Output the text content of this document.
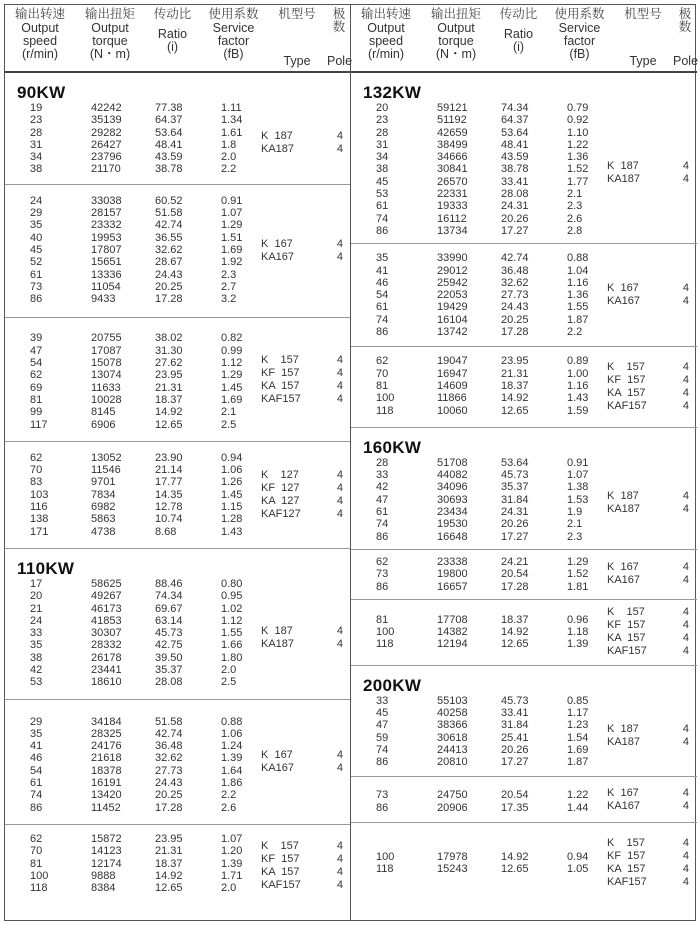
输出转速
Output
speed
(r/min)
输出扭矩
Output
torque
(N・m)
传动比
Ratio
(i)
使用系数
Service
factor
(fB)
机型号
Type
极数
Pole
90KW
19	42242	77.38	1.11
23	35139	64.37	1.34
28	29282	53.64	1.61
31	26427	48.41	1.8
34	23796	43.59	2.0
38	21170	38.78	2.2
K  187	4
KA187	4
24	33038	60.52	0.91
29	28157	51.58	1.07
35	23332	42.74	1.29
40	19953	36.55	1.51
45	17807	32.62	1.69
52	15651	28.67	1.92
61	13336	24.43	2.3
73	11054	20.25	2.7
86	9433	17.28	3.2
K  167	4
KA167	4
39	20755	38.02	0.82
47	17087	31.30	0.99
54	15078	27.62	1.12
62	13074	23.95	1.29
69	11633	21.31	1.45
81	10028	18.37	1.69
99	8145	14.92	2.1
117	6906	12.65	2.5
K    157	4
KF  157	4
KA  157	4
KAF157	4
62	13052	23.90	0.94
70	11546	21.14	1.06
83	9701	17.77	1.26
103	7834	14.35	1.45
116	6982	12.78	1.15
138	5863	10.74	1.28
171	4738	8.68	1.43
K    127	4
KF  127	4
KA  127	4
KAF127	4
110KW
17	58625	88.46	0.80
20	49267	74.34	0.95
21	46173	69.67	1.02
24	41853	63.14	1.12
33	30307	45.73	1.55
35	28332	42.75	1.66
38	26178	39.50	1.80
42	23441	35.37	2.0
53	18610	28.08	2.5
K  187	4
KA187	4
29	34184	51.58	0.88
35	28325	42.74	1.06
41	24176	36.48	1.24
46	21618	32.62	1.39
54	18378	27.73	1.64
61	16191	24.43	1.86
74	13420	20.25	2.2
86	11452	17.28	2.6
K  167	4
KA167	4
62	15872	23.95	1.07
70	14123	21.31	1.20
81	12174	18.37	1.39
100	9888	14.92	1.71
118	8384	12.65	2.0
K    157	4
KF  157	4
KA  157	4
KAF157	4
输出转速
Output
speed
(r/min)
输出扭矩
Output
torque
(N・m)
传动比
Ratio
(i)
使用系数
Service
factor
(fB)
机型号
Type
极数
Pole
132KW
20	59121	74.34	0.79
23	51192	64.37	0.92
28	42659	53.64	1.10
31	38499	48.41	1.22
34	34666	43.59	1.36
38	30841	38.78	1.52
45	26570	33.41	1.77
53	22331	28.08	2.1
61	19333	24.31	2.3
74	16112	20.26	2.6
86	13734	17.27	2.8
K  187	4
KA187	4
35	33990	42.74	0.88
41	29012	36.48	1.04
46	25942	32.62	1.16
54	22053	27.73	1.36
61	19429	24.43	1.55
74	16104	20.25	1.87
86	13742	17.28	2.2
K  167	4
KA167	4
62	19047	23.95	0.89
70	16947	21.31	1.00
81	14609	18.37	1.16
100	11866	14.92	1.43
118	10060	12.65	1.59
K    157	4
KF  157	4
KA  157	4
KAF157	4
160KW
28	51708	53.64	0.91
33	44082	45.73	1.07
42	34096	35.37	1.38
47	30693	31.84	1.53
61	23434	24.31	1.9
74	19530	20.26	2.1
86	16648	17.27	2.3
K  187	4
KA187	4
62	23338	24.21	1.29
73	19800	20.54	1.52
86	16657	17.28	1.81
K  167	4
KA167	4
81	17708	18.37	0.96
100	14382	14.92	1.18
118	12194	12.65	1.39
K    157	4
KF  157	4
KA  157	4
KAF157	4
200KW
33	55103	45.73	0.85
45	40258	33.41	1.17
47	38366	31.84	1.23
59	30618	25.41	1.54
74	24413	20.26	1.69
86	20810	17.27	1.87
K  187	4
KA187	4
73	24750	20.54	1.22
86	20906	17.35	1.44
K  167	4
KA167	4
100	17978	14.92	0.94
118	15243	12.65	1.05
K    157	4
KF  157	4
KA  157	4
KAF157	4
